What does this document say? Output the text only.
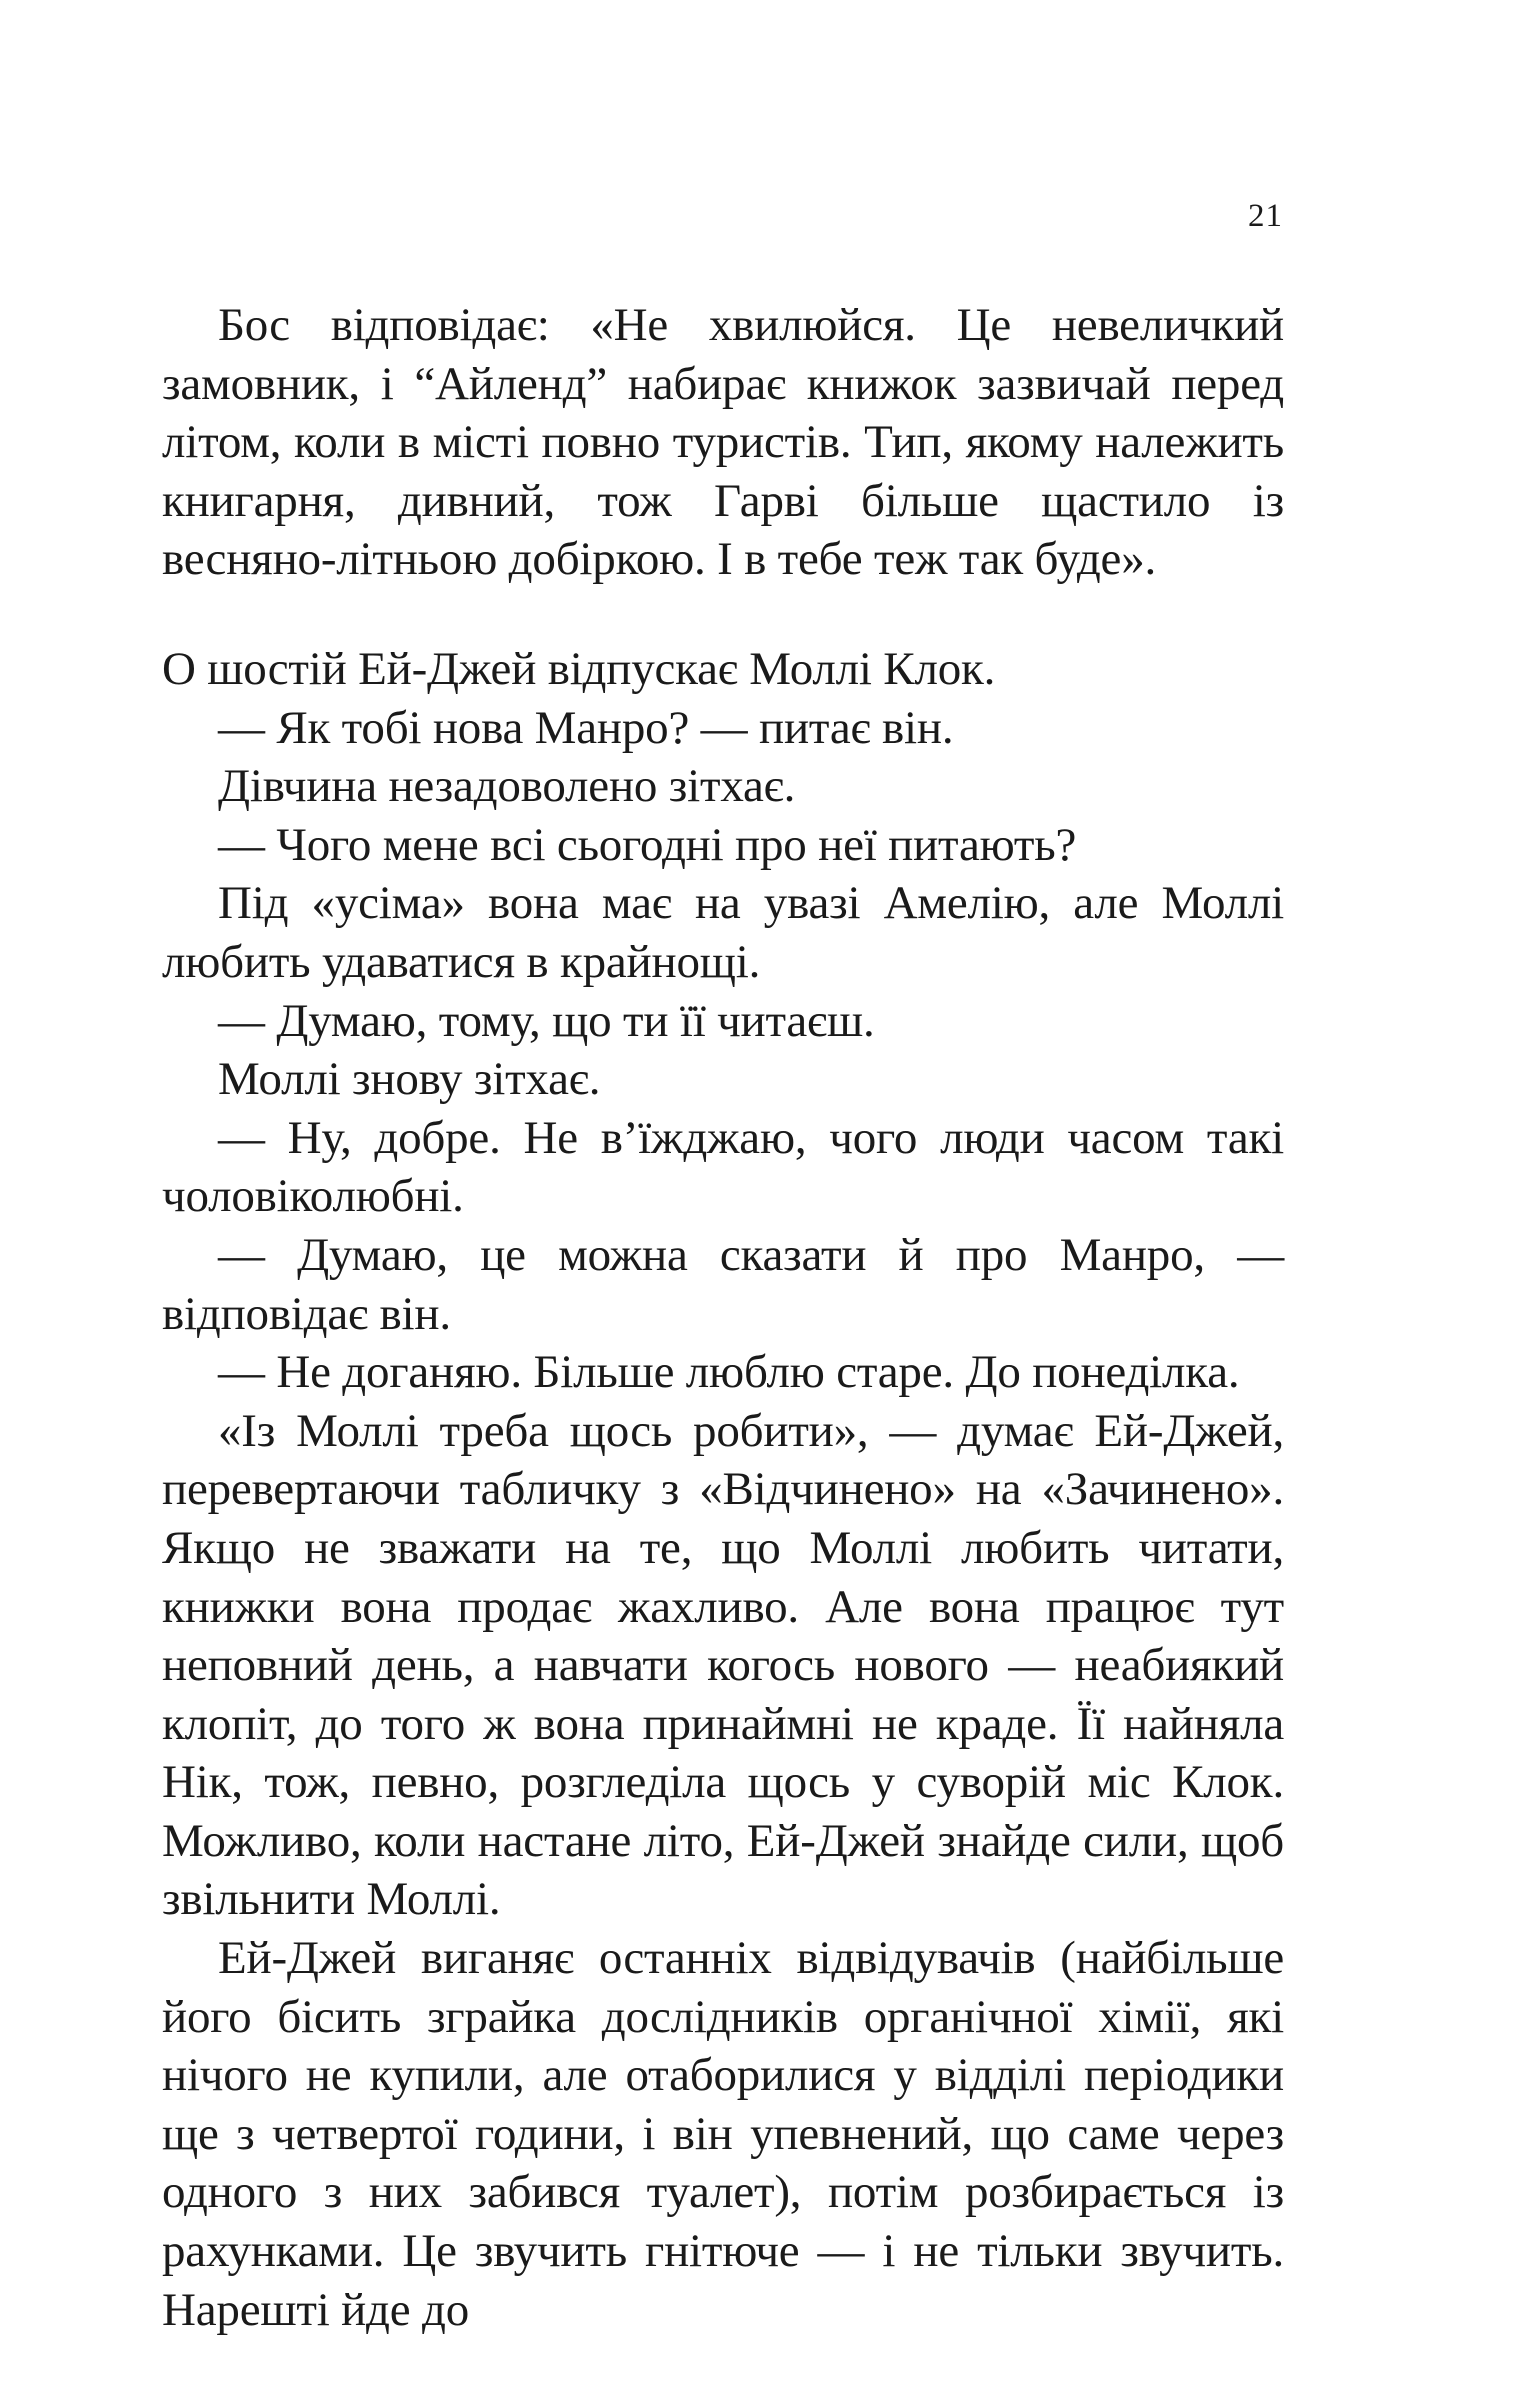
21

Бос відповідає: «Не хвилюйся. Це невеличкий замовник, і “Айленд” набирає книжок зазвичай перед літом, коли в місті повно туристів. Тип, якому належить книгарня, дивний, тож Гарві більше щастило із весняно-літньою добіркою. І в тебе теж так буде».

О шостій Ей-Джей відпускає Моллі Клок.

— Як тобі нова Манро? — питає він.

Дівчина незадоволено зітхає.

— Чого мене всі сьогодні про неї питають?

Під «усіма» вона має на увазі Амелію, але Моллі любить удаватися в крайнощі.

— Думаю, тому, що ти її читаєш.

Моллі знову зітхає.

— Ну, добре. Не в’їжджаю, чого люди часом такі чоловіколюбні.

— Думаю, це можна сказати й про Манро, — відповідає він.

— Не доганяю. Більше люблю старе. До понеділка.

«Із Моллі треба щось робити», — думає Ей-Джей, перевертаючи табличку з «Відчинено» на «Зачинено». Якщо не зважати на те, що Моллі любить читати, книжки вона продає жахливо. Але вона працює тут неповний день, а навчати когось нового — неабиякий клопіт, до того ж вона принаймні не краде. Її найняла Нік, тож, певно, розгледіла щось у суворій міс Клок. Можливо, коли настане літо, Ей-Джей знайде сили, щоб звільнити Моллі.

Ей-Джей виганяє останніх відвідувачів (найбільше його бісить зграйка дослідників органічної хімії, які нічого не купили, але отаборилися у відділі періодики ще з четвертої години, і він упевнений, що саме через одного з них забився туалет), потім розбирається із рахунками. Це звучить гнітюче — і не тільки звучить. Нарешті йде до
